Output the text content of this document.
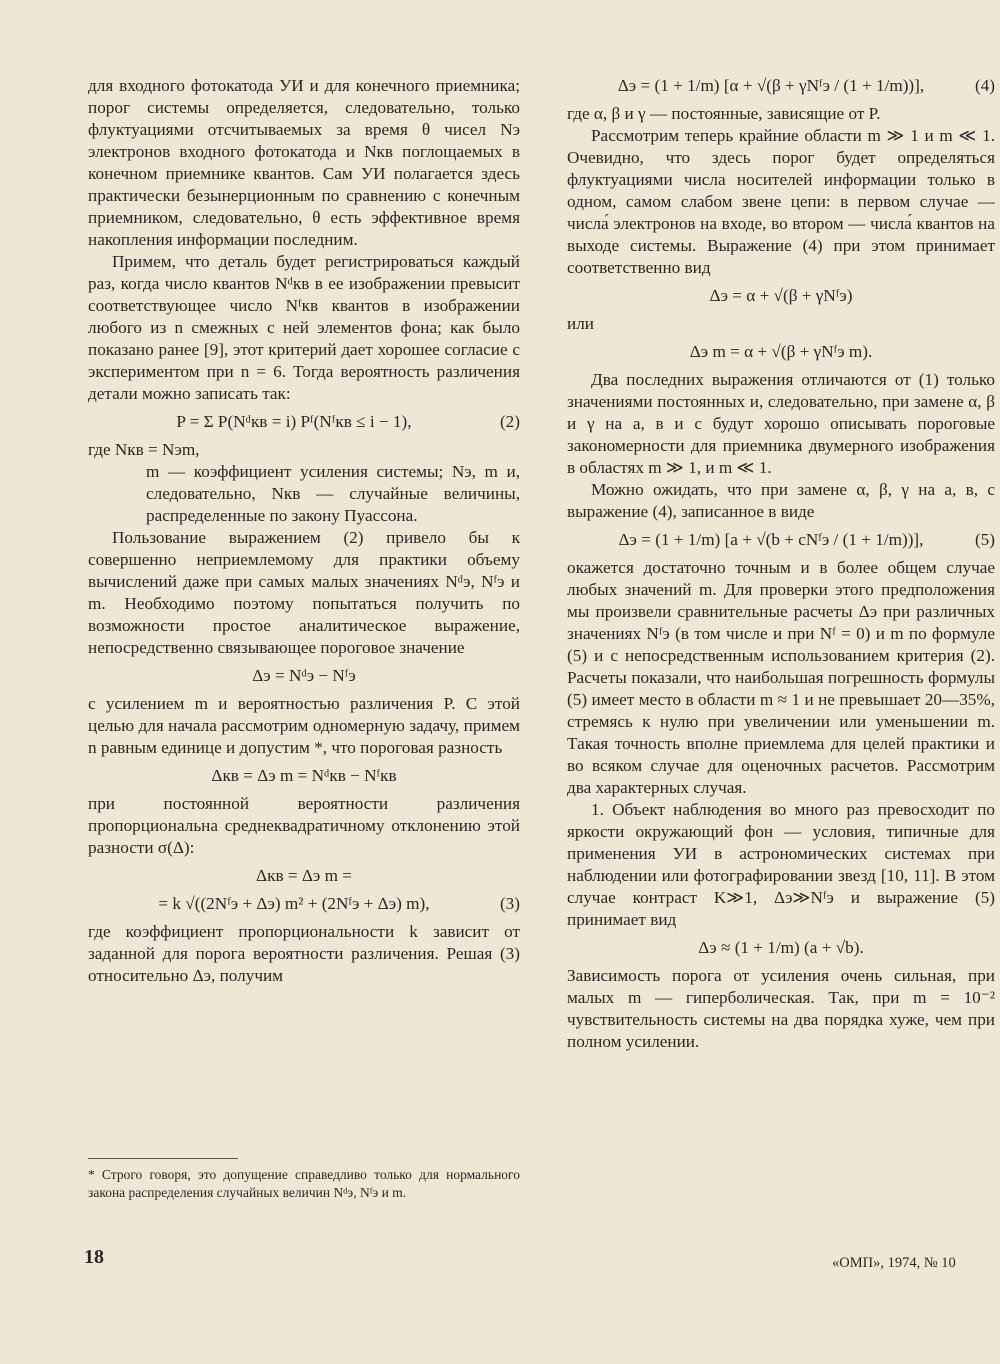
для входного фотокатода УИ и для конечного приемника; порог системы определяется, следовательно, только флуктуациями отсчитываемых за время θ чисел Nэ электронов входного фотокатода и Nкв поглощаемых в конечном приемнике квантов. Сам УИ полагается здесь практически безынерционным по сравнению с конечным приемником, следовательно, θ есть эффективное время накопления информации последним.

Примем, что деталь будет регистрироваться каждый раз, когда число квантов Nᵈкв в ее изображении превысит соответствующее число Nᶠкв квантов в изображении любого из n смежных с ней элементов фона; как было показано ранее [9], этот критерий дает хорошее согласие с экспериментом при n = 6. Тогда вероятность различения детали можно записать так:

P = Σ P(Nᵈкв = i) Pᶠ(Nᶠкв ≤ i − 1),	(2)

где Nкв = Nэm,

m — коэффициент усиления системы; Nэ, m и, следовательно, Nкв — случайные величины, распределенные по закону Пуассона.

Пользование выражением (2) привело бы к совершенно неприемлемому для практики объему вычислений даже при самых малых значениях Nᵈэ, Nᶠэ и m. Необходимо поэтому попытаться получить по возможности простое аналитическое выражение, непосредственно связывающее пороговое значение

Δэ = Nᵈэ − Nᶠэ

с усилением m и вероятностью различения P. С этой целью для начала рассмотрим одномерную задачу, примем n равным единице и допустим *, что пороговая разность

Δкв = Δэ m = Nᵈкв − Nᶠкв

при постоянной вероятности различения пропорциональна среднеквадратичному отклонению этой разности σ(Δ):

Δкв = Δэ m =
= k √((2Nᶠэ + Δэ) m² + (2Nᶠэ + Δэ) m),	(3)

где коэффициент пропорциональности k зависит от заданной для порога вероятности различения. Решая (3) относительно Δэ, получим

Δэ = (1 + 1/m) [α + √(β + γNᶠэ / (1 + 1/m))],	(4)

где α, β и γ — постоянные, зависящие от P.

Рассмотрим теперь крайние области m ≫ 1 и m ≪ 1. Очевидно, что здесь порог будет определяться флуктуациями числа носителей информации только в одном, самом слабом звене цепи: в первом случае — числа́ электронов на входе, во втором — числа́ квантов на выходе системы. Выражение (4) при этом принимает соответственно вид

Δэ = α + √(β + γNᶠэ)

или

Δэ m = α + √(β + γNᶠэ m).

Два последних выражения отличаются от (1) только значениями постоянных и, следовательно, при замене α, β и γ на a, в и c будут хорошо описывать пороговые закономерности для приемника двумерного изображения в областях m ≫ 1, и m ≪ 1.

Можно ожидать, что при замене α, β, γ на a, в, c выражение (4), записанное в виде

Δэ = (1 + 1/m) [a + √(b + cNᶠэ / (1 + 1/m))],	(5)

окажется достаточно точным и в более общем случае любых значений m. Для проверки этого предположения мы произвели сравнительные расчеты Δэ при различных значениях Nᶠэ (в том числе и при Nᶠ = 0) и m по формуле (5) и с непосредственным использованием критерия (2). Расчеты показали, что наибольшая погрешность формулы (5) имеет место в области m ≈ 1 и не превышает 20—35%, стремясь к нулю при увеличении или уменьшении m. Такая точность вполне приемлема для целей практики и во всяком случае для оценочных расчетов. Рассмотрим два характерных случая.

1. Объект наблюдения во много раз превосходит по яркости окружающий фон — условия, типичные для применения УИ в астрономических системах при наблюдении или фотографировании звезд [10, 11]. В этом случае контраст K≫1, Δэ≫Nᶠэ и выражение (5) принимает вид

Δэ ≈ (1 + 1/m) (a + √b).

Зависимость порога от усиления очень сильная, при малых m — гиперболическая. Так, при m = 10⁻² чувствительность системы на два порядка хуже, чем при полном усилении.

* Строго говоря, это допущение справедливо только для нормального закона распределения случайных величин Nᵈэ, Nᶠэ и m.
18	«ОМП», 1974, № 10
